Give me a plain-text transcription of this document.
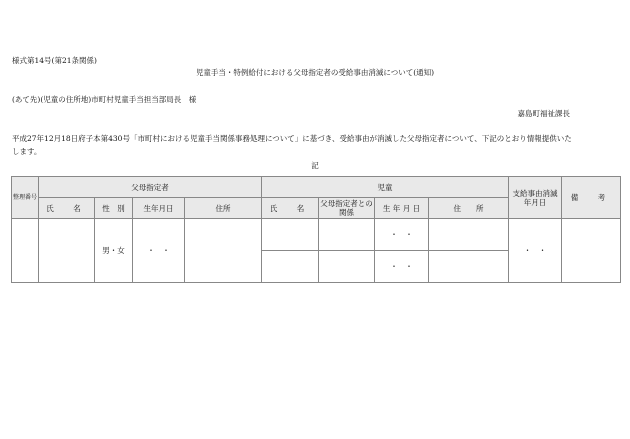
様式第14号(第21条関係)
児童手当・特例給付における父母指定者の受給事由消滅について(通知)
(あて先)(児童の住所地)市町村児童手当担当部局長　様
嘉島町福祉課長
平成27年12月18日府子本第430号「市町村における児童手当関係事務処理について」に基づき、受給事由が消滅した父母指定者について、下記のとおり情報提供いた
します。
記
整理番号	父母指定者				児童				支給事由消滅年月日	備　考
	氏　名	性　別	生年月日	住所	氏　名	父母指定者との関係	生 年 月 日	住　　所		
		男・女	・　・				・　・		・　・	
							・　・			
